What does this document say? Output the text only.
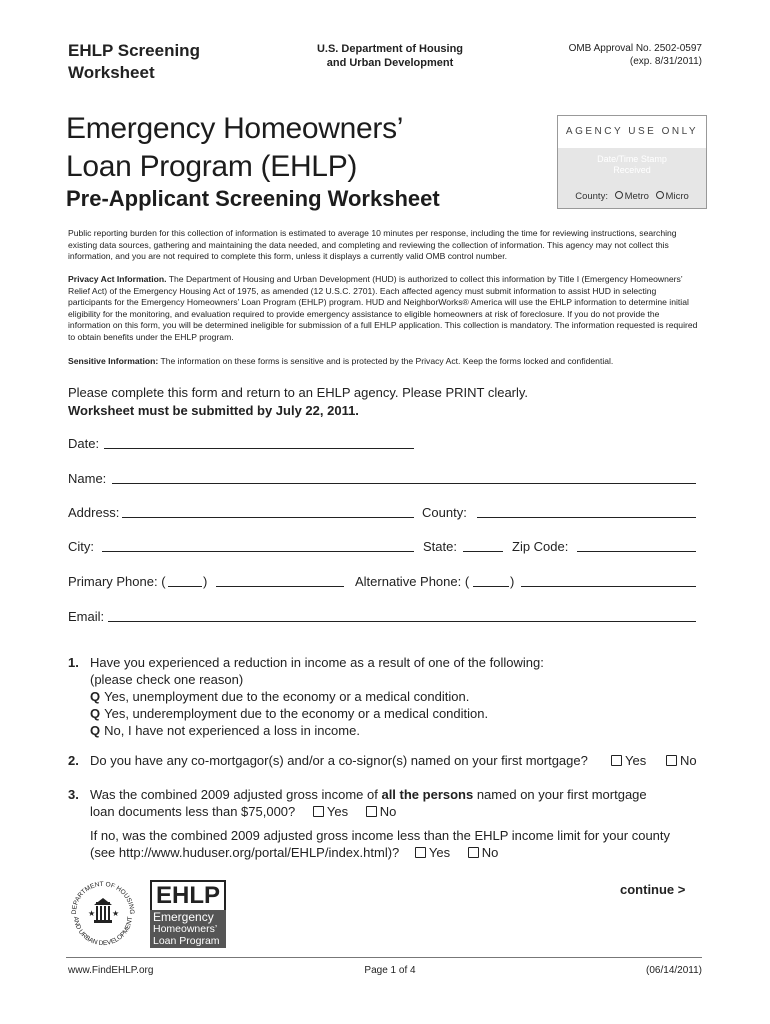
EHLP Screening
Worksheet
U.S. Department of Housing
and Urban Development
OMB Approval No. 2502-0597
(exp. 8/31/2011)
Emergency Homeowners’
Loan Program (EHLP)
Pre-Applicant Screening Worksheet
AGENCY USE ONLY
Date/Time Stamp
Received
County: Metro Micro
Public reporting burden for this collection of information is estimated to average 10 minutes per response, including the time for reviewing instructions, searching existing data sources, gathering and maintaining the data needed, and completing and reviewing the collection of information. This agency may not collect this information, and you are not required to complete this form, unless it displays a currently valid OMB control number.
Privacy Act Information. The Department of Housing and Urban Development (HUD) is authorized to collect this information by Title I (Emergency Homeowners’ Relief Act) of the Emergency Housing Act of 1975, as amended (12 U.S.C. 2701). Each affected agency must submit information to assist HUD in selecting participants for the Emergency Homeowners’ Loan Program (EHLP) program. HUD and NeighborWorks® America will use the EHLP information to determine initial eligibility for the monitoring, and evaluation required to provide emergency assistance to eligible homeowners at risk of foreclosure. If you do not provide the information on this form, you will be determined ineligible for submission of a full EHLP application. This collection is mandatory. The information requested is required to obtain benefits under the EHLP program.
Sensitive Information: The information on these forms is sensitive and is protected by the Privacy Act. Keep the forms locked and confidential.
Please complete this form and return to an EHLP agency. Please PRINT clearly.
Worksheet must be submitted by July 22, 2011.
Date:
Name:
Address:	County:
City:	State:	Zip Code:
Primary Phone: (	)	Alternative Phone: (	)
Email:
1. Have you experienced a reduction in income as a result of one of the following:
(please check one reason)
Q Yes, unemployment due to the economy or a medical condition.
Q Yes, underemployment due to the economy or a medical condition.
Q No, I have not experienced a loss in income.
2. Do you have any co-mortgagor(s) and/or a co-signor(s) named on your first mortgage?	Yes	No
3. Was the combined 2009 adjusted gross income of all the persons named on your first mortgage
loan documents less than $75,000? Yes No
If no, was the combined 2009 adjusted gross income less than the EHLP income limit for your county
(see http://www.huduser.org/portal/EHLP/index.html)? Yes No
DEPARTMENT OF HOUSING
AND URBAN DEVELOPMENT
★ ★
EHLP
Emergency
Homeowners’
Loan Program
continue >
www.FindEHLP.org	Page 1 of 4	(06/14/2011)
